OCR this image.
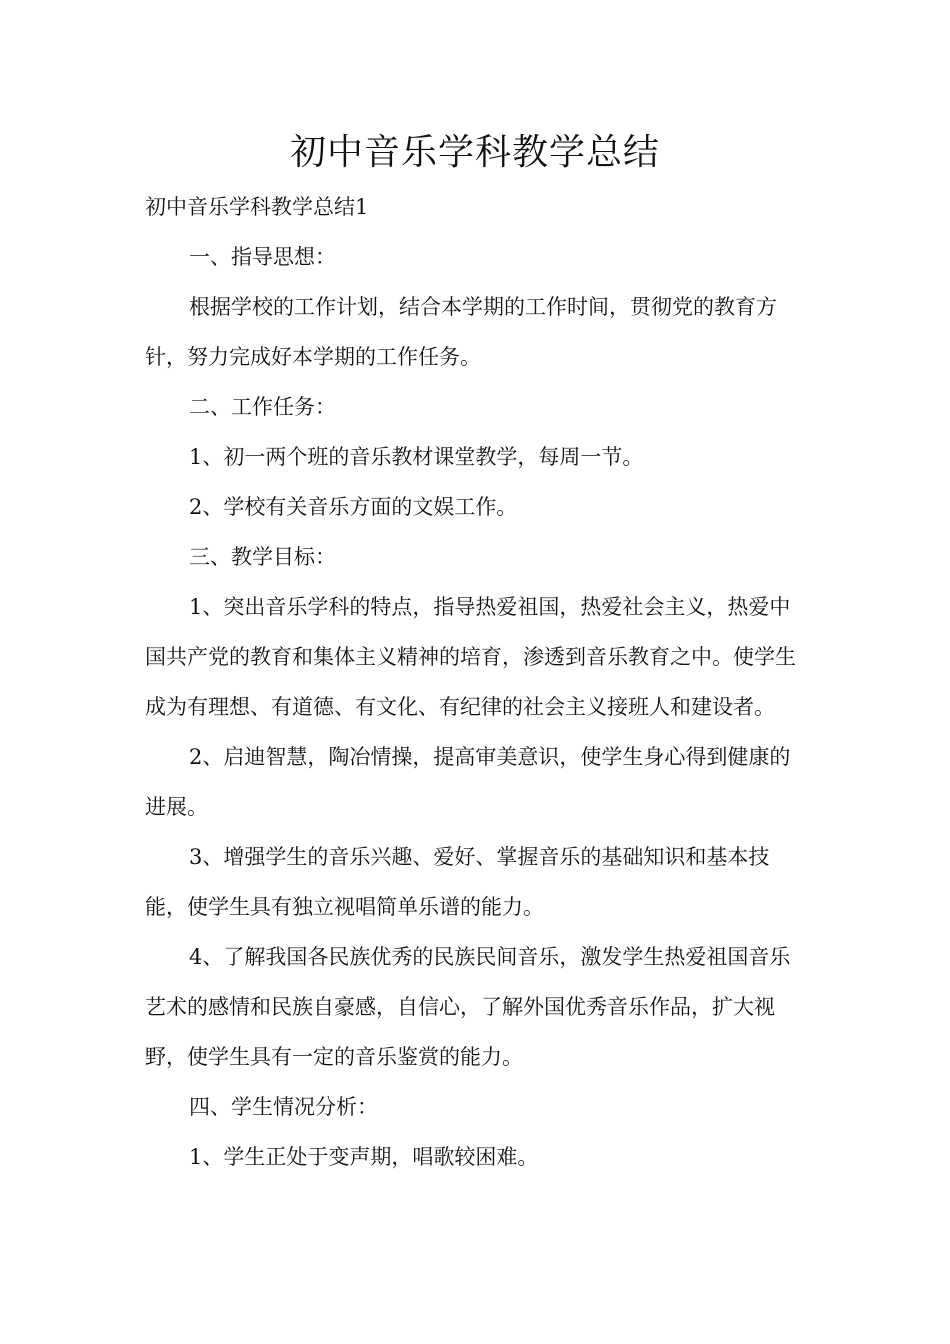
初中音乐学科教学总结

初中音乐学科教学总结1

一、指导思想：

根据学校的工作计划，结合本学期的工作时间，贯彻党的教育方针，努力完成好本学期的工作任务。

二、工作任务：

1、初一两个班的音乐教材课堂教学，每周一节。

2、学校有关音乐方面的文娱工作。

三、教学目标：

1、突出音乐学科的特点，指导热爱祖国，热爱社会主义，热爱中国共产党的教育和集体主义精神的培育，渗透到音乐教育之中。使学生成为有理想、有道德、有文化、有纪律的社会主义接班人和建设者。

2、启迪智慧，陶冶情操，提高审美意识，使学生身心得到健康的进展。

3、增强学生的音乐兴趣、爱好、掌握音乐的基础知识和基本技能，使学生具有独立视唱简单乐谱的能力。

4、了解我国各民族优秀的民族民间音乐，激发学生热爱祖国音乐艺术的感情和民族自豪感，自信心，了解外国优秀音乐作品，扩大视野，使学生具有一定的音乐鉴赏的能力。

四、学生情况分析：

1、学生正处于变声期，唱歌较困难。
